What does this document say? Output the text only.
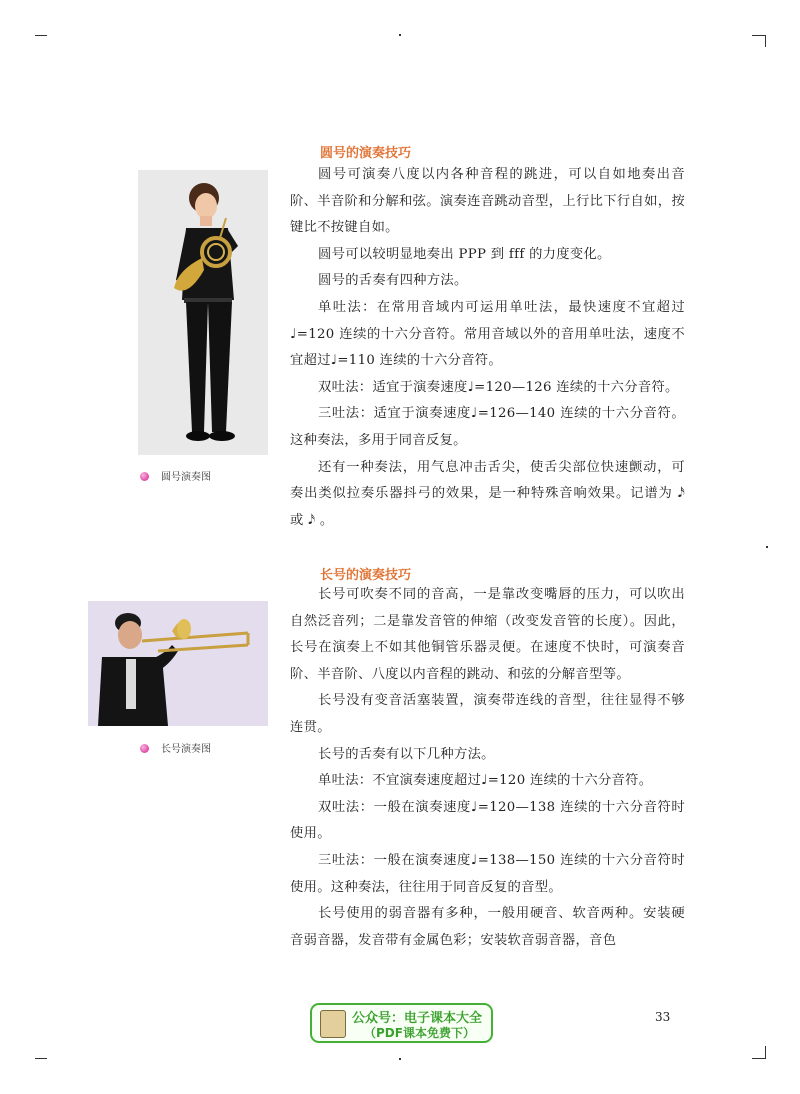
圆号的演奏技巧

圆号可演奏八度以内各种音程的跳进，可以自如地奏出音阶、半音阶和分解和弦。演奏连音跳动音型，上行比下行自如，按键比不按键自如。

圆号可以较明显地奏出 PPP 到 fff 的力度变化。

圆号的舌奏有四种方法。

单吐法：在常用音域内可运用单吐法，最快速度不宜超过♩=120 连续的十六分音符。常用音域以外的音用单吐法，速度不宜超过♩=110 连续的十六分音符。

双吐法：适宜于演奏速度♩=120—126 连续的十六分音符。

三吐法：适宜于演奏速度♩=126—140 连续的十六分音符。这种奏法，多用于同音反复。

还有一种奏法，用气息冲击舌尖，使舌尖部位快速颤动，可奏出类似拉奏乐器抖弓的效果，是一种特殊音响效果。记谱为 𝅘𝅥𝅯 或 𝅘𝅥𝅯 。

圆号演奏图
长号的演奏技巧

长号可吹奏不同的音高，一是靠改变嘴唇的压力，可以吹出自然泛音列；二是靠发音管的伸缩（改变发音管的长度）。因此，长号在演奏上不如其他铜管乐器灵便。在速度不快时，可演奏音阶、半音阶、八度以内音程的跳动、和弦的分解音型等。

长号没有变音活塞装置，演奏带连线的音型，往往显得不够连贯。

长号的舌奏有以下几种方法。

单吐法：不宜演奏速度超过♩=120 连续的十六分音符。

双吐法：一般在演奏速度♩=120—138 连续的十六分音符时使用。

三吐法：一般在演奏速度♩=138—150 连续的十六分音符时使用。这种奏法，往往用于同音反复的音型。

长号使用的弱音器有多种，一般用硬音、软音两种。安装硬音弱音器，发音带有金属色彩；安装软音弱音器，音色

长号演奏图
公众号：电子课本大全
（PDF课本免费下）
33
